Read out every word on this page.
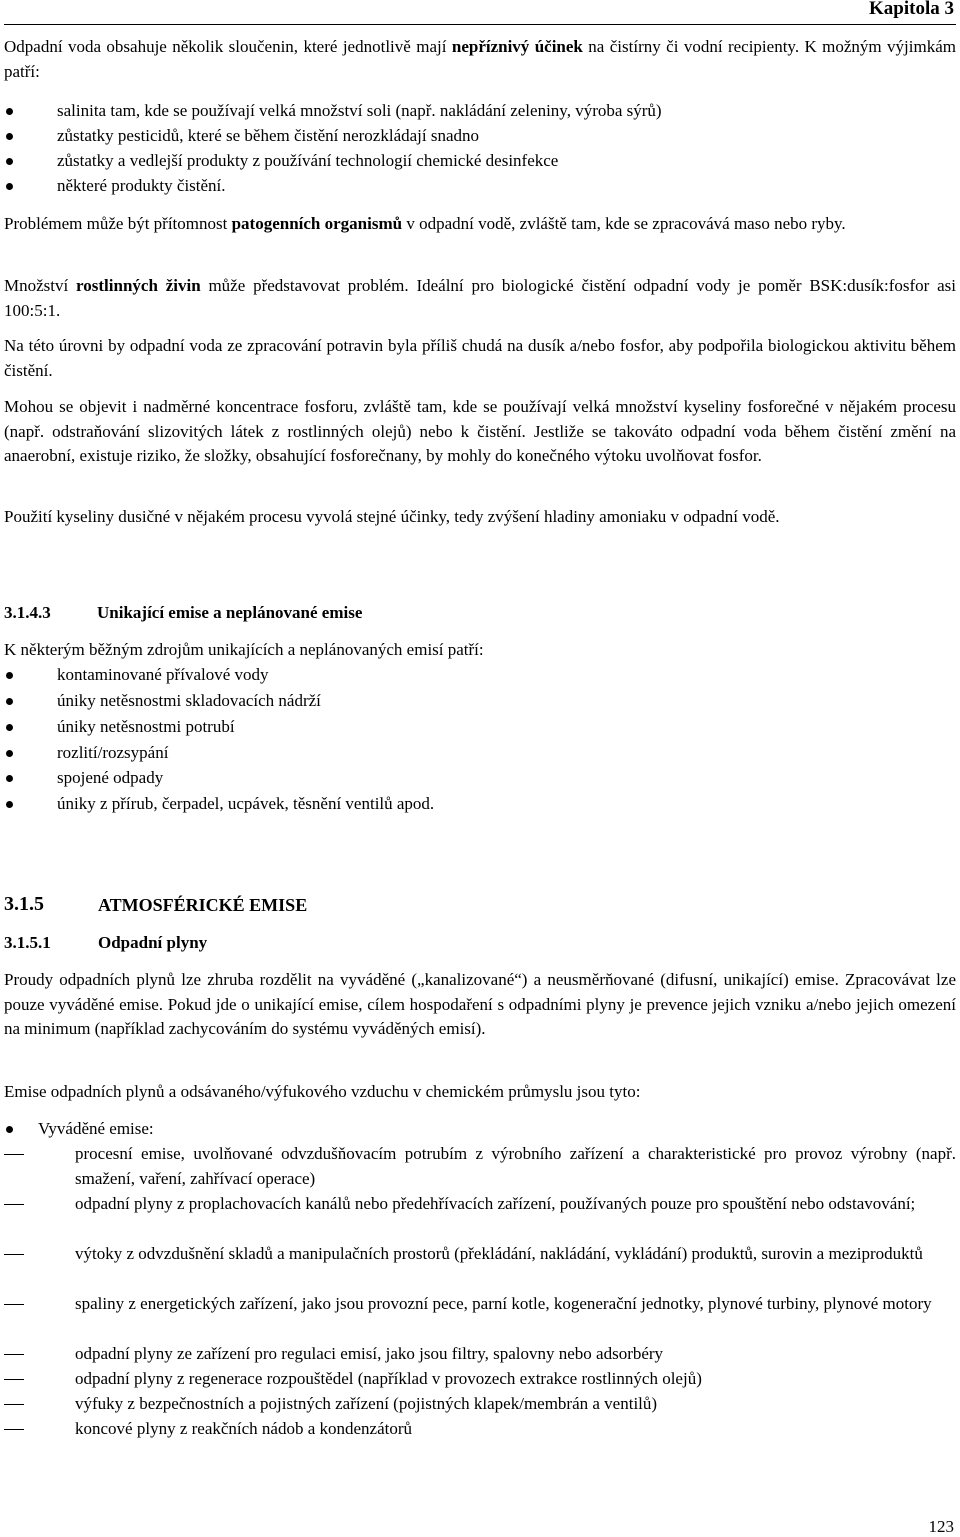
Kapitola 3
Odpadní voda obsahuje několik sloučenin, které jednotlivě mají nepříznivý účinek na čistírny či vodní recipienty. K možným výjimkám patří:
salinita tam, kde se používají velká množství soli (např. nakládání zeleniny, výroba sýrů)
zůstatky pesticidů, které se během čistění nerozkládají snadno
zůstatky a vedlejší produkty z používání technologií chemické desinfekce
některé produkty čistění.
Problémem může být přítomnost patogenních organismů v odpadní vodě, zvláště tam, kde se zpracovává maso nebo ryby.
Množství rostlinných živin může představovat problém. Ideální pro biologické čistění odpadní vody je poměr BSK:dusík:fosfor asi 100:5:1.
Na této úrovni by odpadní voda ze zpracování potravin byla příliš chudá na dusík a/nebo fosfor, aby podpořila biologickou aktivitu během čistění.
Mohou se objevit i nadměrné koncentrace fosforu, zvláště tam, kde se používají velká množství kyseliny fosforečné v nějakém procesu (např. odstraňování slizovitých látek z rostlinných olejů) nebo k čistění. Jestliže se takováto odpadní voda během čistění změní na anaerobní, existuje riziko, že složky, obsahující fosforečnany, by mohly do konečného výtoku uvolňovat fosfor.
Použití kyseliny dusičné v nějakém procesu vyvolá stejné účinky, tedy zvýšení hladiny amoniaku v odpadní vodě.
3.1.4.3	Unikající emise a neplánované emise
K některým běžným zdrojům unikajících a neplánovaných emisí patří:
kontaminované přívalové vody
úniky netěsnostmi skladovacích nádrží
úniky netěsnostmi potrubí
rozlití/rozsypání
spojené odpady
úniky z přírub, čerpadel, ucpávek, těsnění ventilů apod.
3.1.5	ATMOSFÉRICKÉ EMISE
3.1.5.1	Odpadní plyny
Proudy odpadních plynů lze zhruba rozdělit na vyváděné („kanalizované“) a neusměrňované (difusní, unikající) emise. Zpracovávat lze pouze vyváděné emise. Pokud jde o unikající emise, cílem hospodaření s odpadními plyny je prevence jejich vzniku a/nebo jejich omezení na minimum (například zachycováním do systému vyváděných emisí).
Emise odpadních plynů a odsávaného/výfukového vzduchu v chemickém průmyslu jsou tyto:
Vyváděné emise:
procesní emise, uvolňované odvzdušňovacím potrubím z výrobního zařízení a charakteristické pro provoz výrobny (např. smažení, vaření, zahřívací operace)
odpadní plyny z proplachovacích kanálů nebo předehřívacích zařízení, používaných pouze pro spouštění nebo odstavování;
výtoky z odvzdušnění skladů a manipulačních prostorů (překládání, nakládání, vykládání) produktů, surovin a meziproduktů
spaliny z energetických zařízení, jako jsou provozní pece, parní kotle, kogenerační jednotky, plynové turbiny, plynové motory
odpadní plyny ze zařízení pro regulaci emisí, jako jsou filtry, spalovny nebo adsorbéry
odpadní plyny z regenerace rozpouštědel (například v provozech extrakce rostlinných olejů)
výfuky z bezpečnostních a pojistných zařízení (pojistných klapek/membrán a ventilů)
koncové plyny z reakčních nádob a kondenzátorů
123
